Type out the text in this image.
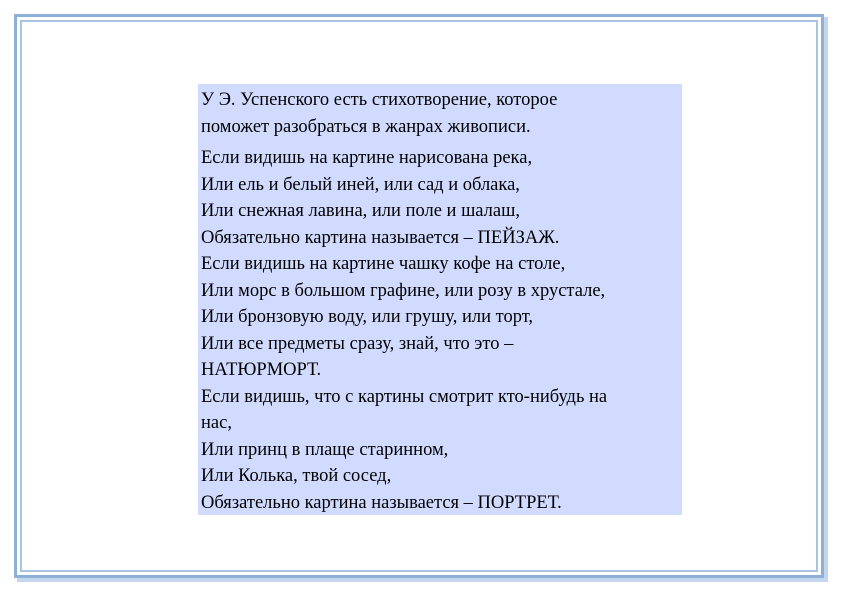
У Э. Успенского есть стихотворение, которое
поможет разобраться в жанрах живописи.
Если видишь на картине нарисована река,
Или ель и белый иней, или сад и облака,
Или снежная лавина, или поле и шалаш,
Обязательно картина называется – ПЕЙЗАЖ.
Если видишь на картине чашку кофе на столе,
Или морс в большом графине, или розу в хрустале,
Или бронзовую воду, или грушу, или торт,
Или все предметы сразу, знай, что это –
НАТЮРМОРТ.
Если видишь, что с картины смотрит кто-нибудь на
нас,
Или принц в плаще старинном,
Или Колька, твой сосед,
Обязательно картина называется – ПОРТРЕТ.
